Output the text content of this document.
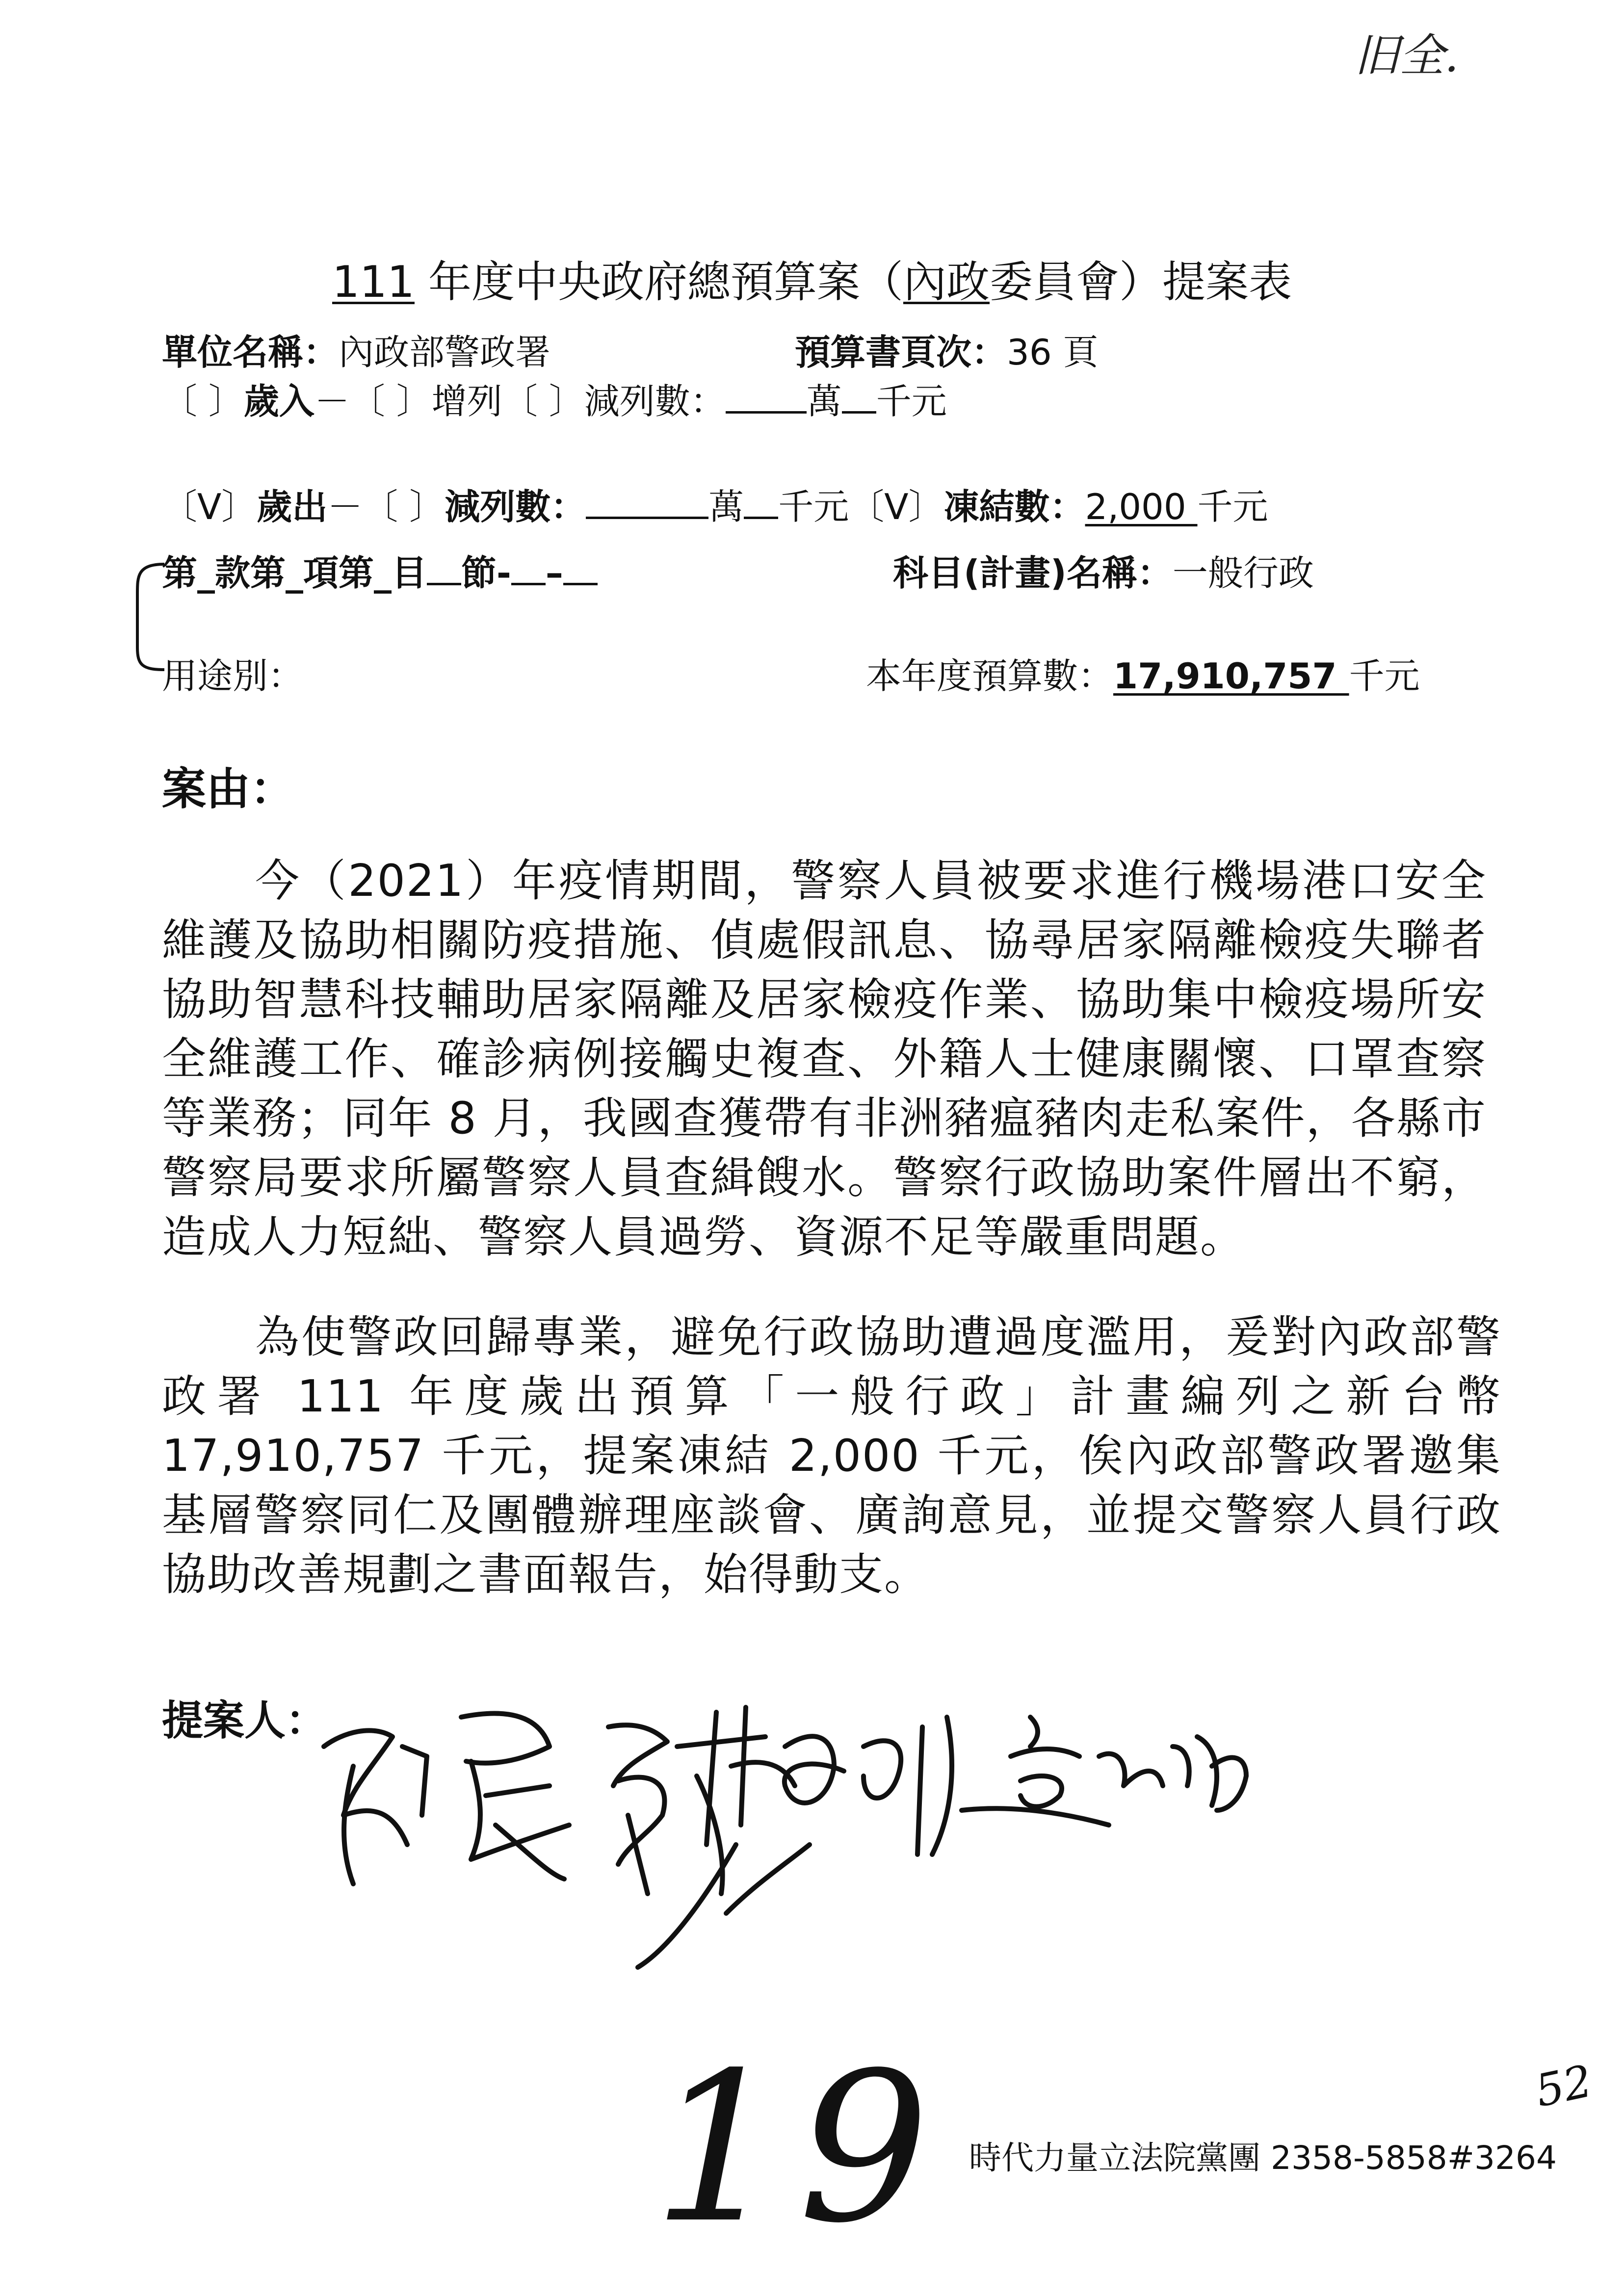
旧全.
111 年度中央政府總預算案（內政委員會）提案表
單位名稱：內政部警政署	預算書頁次：36 頁
〔 〕歲入－〔 〕增列〔 〕減列數： 萬 千元
〔V〕歲出－〔 〕減列數：	萬 千元〔V〕凍結數：2,000 千元
第_款第_項第_目 節- –	科目(計畫)名稱：一般行政
用途別：	本年度預算數：17,910,757 千元
案由：

今（2021）年疫情期間，警察人員被要求進行機場港口安全維護及協助相關防疫措施、偵處假訊息、協尋居家隔離檢疫失聯者協助智慧科技輔助居家隔離及居家檢疫作業、協助集中檢疫場所安全維護工作、確診病例接觸史複查、外籍人士健康關懷、口罩查察等業務；同年 8 月，我國查獲帶有非洲豬瘟豬肉走私案件，各縣市警察局要求所屬警察人員查緝餿水。警察行政協助案件層出不窮，造成人力短絀、警察人員過勞、資源不足等嚴重問題。

為使警政回歸專業，避免行政協助遭過度濫用，爰對內政部警政署 111 年度歲出預算「一般行政」計畫編列之新台幣 17,910,757 千元，提案凍結 2,000 千元，俟內政部警政署邀集基層警察同仁及團體辦理座談會、廣詢意見，並提交警察人員行政協助改善規劃之書面報告，始得動支。

提案人：
19	52
時代力量立法院黨團 2358-5858#3264
